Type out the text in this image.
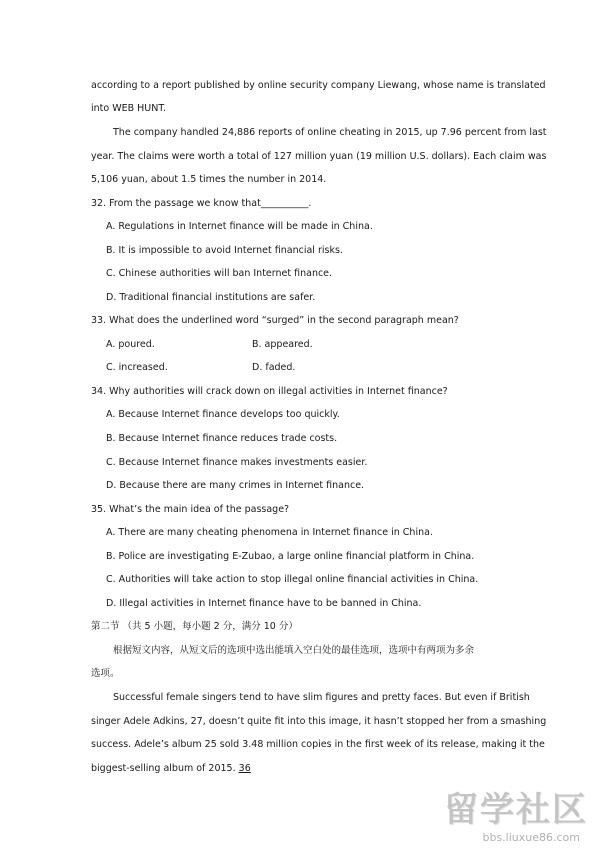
according to a report published by online security company Liewang, whose name is translated
into WEB HUNT.
The company handled 24,886 reports of online cheating in 2015, up 7.96 percent from last
year. The claims were worth a total of 127 million yuan (19 million U.S. dollars). Each claim was
5,106 yuan, about 1.5 times the number in 2014.
32. From the passage we know that__________.
A. Regulations in Internet finance will be made in China.
B. It is impossible to avoid Internet financial risks.
C. Chinese authorities will ban Internet finance.
D. Traditional financial institutions are safer.
33. What does the underlined word “surged” in the second paragraph mean?
A. poured.	B. appeared.
C. increased.	D. faded.
34. Why authorities will crack down on illegal activities in Internet finance?
A. Because Internet finance develops too quickly.
B. Because Internet finance reduces trade costs.
C. Because Internet finance makes investments easier.
D. Because there are many crimes in Internet finance.
35. What’s the main idea of the passage?
A. There are many cheating phenomena in Internet finance in China.
B. Police are investigating E-Zubao, a large online financial platform in China.
C. Authorities will take action to stop illegal online financial activities in China.
D. Illegal activities in Internet finance have to be banned in China.
第二节 （共 5 小题，每小题 2 分，满分 10 分）
根据短文内容，从短文后的选项中选出能填入空白处的最佳选项，选项中有两项为多余
选项。
Successful female singers tend to have slim figures and pretty faces. But even if British
singer Adele Adkins, 27, doesn’t quite fit into this image, it hasn’t stopped her from a smashing
success. Adele’s album 25 sold 3.48 million copies in the first week of its release, making it the
biggest-selling album of 2015. 36
留学社区
bbs.liuxue86.com
